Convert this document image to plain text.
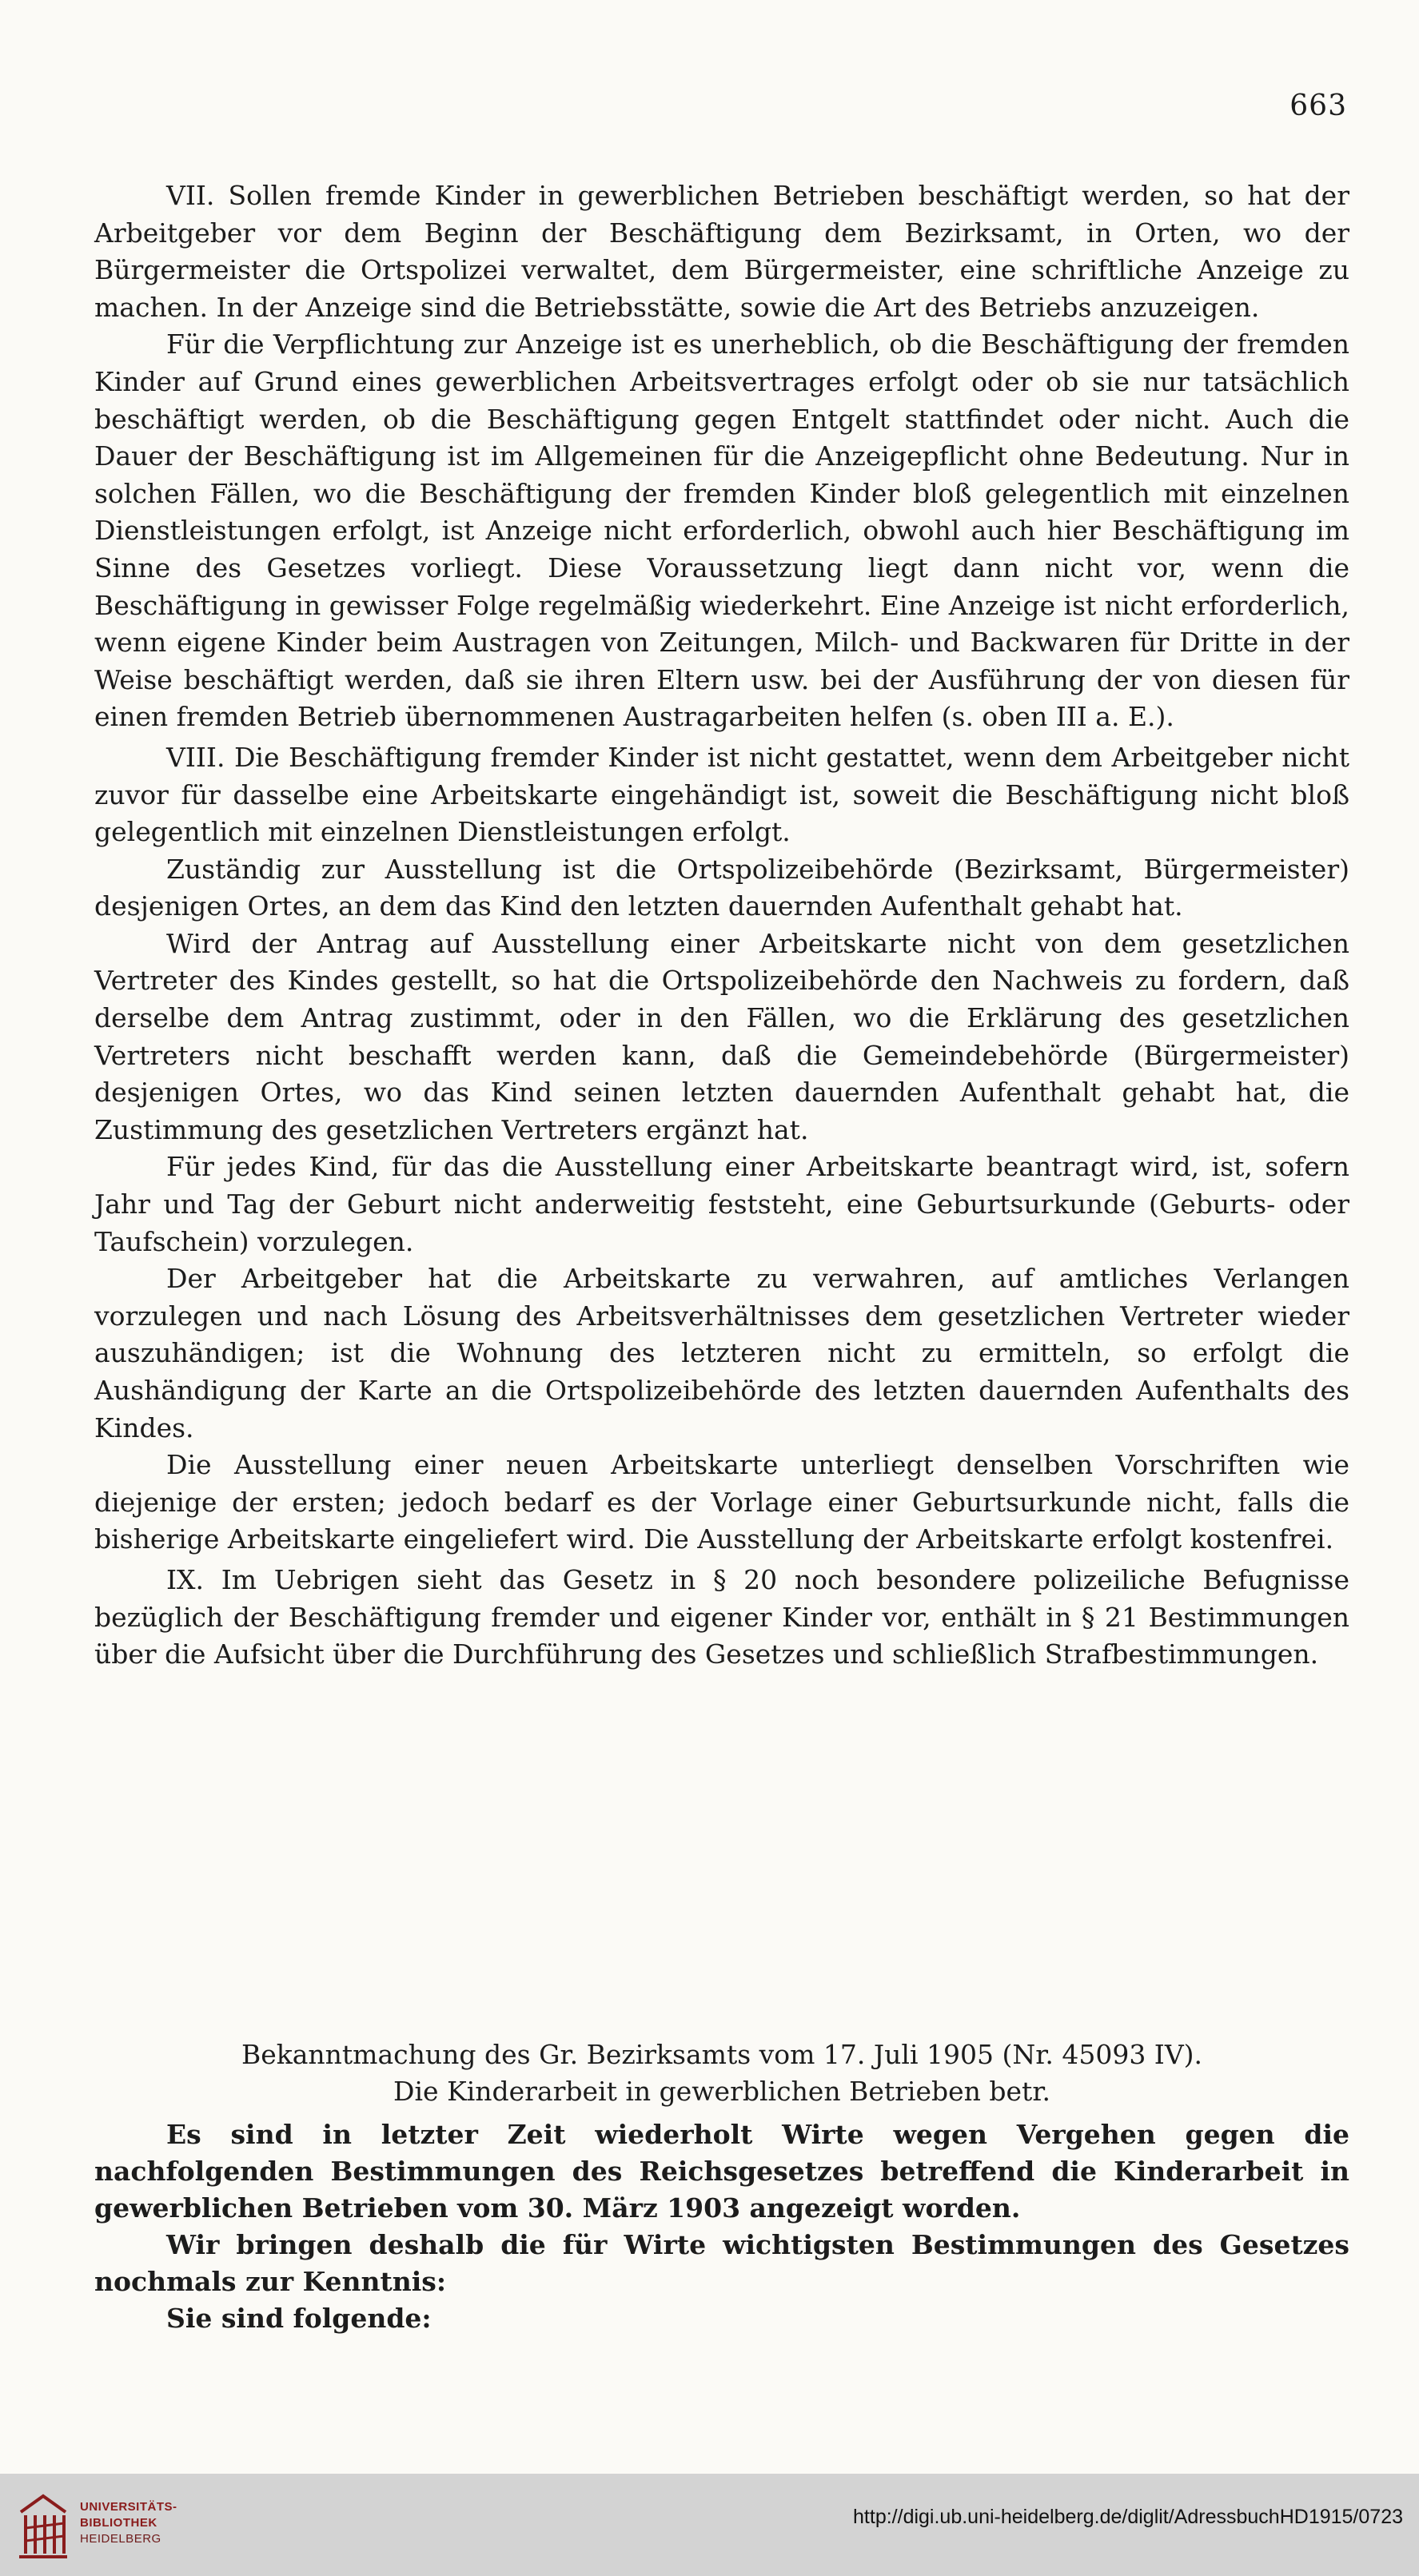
663

VII. Sollen fremde Kinder in gewerblichen Betrieben beschäftigt werden, so hat der Arbeitgeber vor dem Beginn der Beschäftigung dem Bezirksamt, in Orten, wo der Bürgermeister die Ortspolizei verwaltet, dem Bürgermeister, eine schriftliche Anzeige zu machen. In der Anzeige sind die Betriebsstätte, sowie die Art des Betriebs anzuzeigen.

Für die Verpflichtung zur Anzeige ist es unerheblich, ob die Beschäftigung der fremden Kinder auf Grund eines gewerblichen Arbeitsvertrages erfolgt oder ob sie nur tatsächlich beschäftigt werden, ob die Beschäftigung gegen Entgelt stattfindet oder nicht. Auch die Dauer der Beschäftigung ist im Allgemeinen für die Anzeigepflicht ohne Bedeutung. Nur in solchen Fällen, wo die Beschäftigung der fremden Kinder bloß gelegentlich mit einzelnen Dienstleistungen erfolgt, ist Anzeige nicht erforderlich, obwohl auch hier Beschäftigung im Sinne des Gesetzes vorliegt. Diese Voraussetzung liegt dann nicht vor, wenn die Beschäftigung in gewisser Folge regelmäßig wiederkehrt. Eine Anzeige ist nicht erforderlich, wenn eigene Kinder beim Austragen von Zeitungen, Milch- und Backwaren für Dritte in der Weise beschäftigt werden, daß sie ihren Eltern usw. bei der Ausführung der von diesen für einen fremden Betrieb übernommenen Austragarbeiten helfen (s. oben III a. E.).

VIII. Die Beschäftigung fremder Kinder ist nicht gestattet, wenn dem Arbeitgeber nicht zuvor für dasselbe eine Arbeitskarte eingehändigt ist, soweit die Beschäftigung nicht bloß gelegentlich mit einzelnen Dienstleistungen erfolgt.

Zuständig zur Ausstellung ist die Ortspolizeibehörde (Bezirksamt, Bürgermeister) desjenigen Ortes, an dem das Kind den letzten dauernden Aufenthalt gehabt hat.

Wird der Antrag auf Ausstellung einer Arbeitskarte nicht von dem gesetzlichen Vertreter des Kindes gestellt, so hat die Ortspolizeibehörde den Nachweis zu fordern, daß derselbe dem Antrag zustimmt, oder in den Fällen, wo die Erklärung des gesetzlichen Vertreters nicht beschafft werden kann, daß die Gemeindebehörde (Bürgermeister) desjenigen Ortes, wo das Kind seinen letzten dauernden Aufenthalt gehabt hat, die Zustimmung des gesetzlichen Vertreters ergänzt hat.

Für jedes Kind, für das die Ausstellung einer Arbeitskarte beantragt wird, ist, sofern Jahr und Tag der Geburt nicht anderweitig feststeht, eine Geburtsurkunde (Geburts- oder Taufschein) vorzulegen.

Der Arbeitgeber hat die Arbeitskarte zu verwahren, auf amtliches Verlangen vorzulegen und nach Lösung des Arbeitsverhältnisses dem gesetzlichen Vertreter wieder auszuhändigen; ist die Wohnung des letzteren nicht zu ermitteln, so erfolgt die Aushändigung der Karte an die Ortspolizeibehörde des letzten dauernden Aufenthalts des Kindes.

Die Ausstellung einer neuen Arbeitskarte unterliegt denselben Vorschriften wie diejenige der ersten; jedoch bedarf es der Vorlage einer Geburtsurkunde nicht, falls die bisherige Arbeitskarte eingeliefert wird. Die Ausstellung der Arbeitskarte erfolgt kostenfrei.

IX. Im Uebrigen sieht das Gesetz in § 20 noch besondere polizeiliche Befugnisse bezüglich der Beschäftigung fremder und eigener Kinder vor, enthält in § 21 Bestimmungen über die Aufsicht über die Durchführung des Gesetzes und schließlich Strafbestimmungen.

Bekanntmachung des Gr. Bezirksamts vom 17. Juli 1905 (Nr. 45093 IV).

Die Kinderarbeit in gewerblichen Betrieben betr.

Es sind in letzter Zeit wiederholt Wirte wegen Vergehen gegen die nachfolgenden Bestimmungen des Reichsgesetzes betreffend die Kinderarbeit in gewerblichen Betrieben vom 30. März 1903 angezeigt worden.

Wir bringen deshalb die für Wirte wichtigsten Bestimmungen des Gesetzes nochmals zur Kenntnis:

Sie sind folgende:

UNIVERSITÄTS-
BIBLIOTHEK
HEIDELBERG
http://digi.ub.uni-heidelberg.de/diglit/AdressbuchHD1915/0723
